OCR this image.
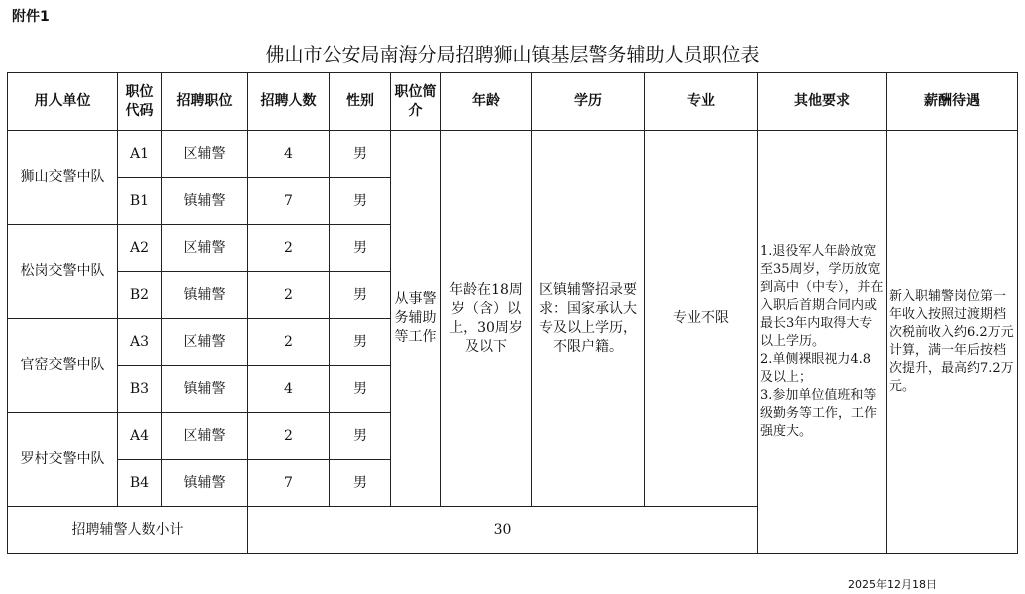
附件1
佛山市公安局南海分局招聘狮山镇基层警务辅助人员职位表
用人单位	职位代码	招聘职位	招聘人数	性别	职位简介	年龄	学历	专业	其他要求	薪酬待遇
狮山交警中队	A1	区辅警	4	男	从事警务辅助等工作	年龄在18周岁（含）以上，30周岁及以下	区镇辅警招录要求：国家承认大专及以上学历，不限户籍。	专业不限	1.退役军人年龄放宽至35周岁，学历放宽到高中（中专），并在入职后首期合同内或最长3年内取得大专以上学历。
2.单侧裸眼视力4.8及以上；
3.参加单位值班和等级勤务等工作，工作强度大。	新入职辅警岗位第一年收入按照过渡期档次税前收入约6.2万元计算，满一年后按档次提升，最高约7.2万元。
	B1	镇辅警	7	男						
松岗交警中队	A2	区辅警	2	男						
	B2	镇辅警	2	男						
官窑交警中队	A3	区辅警	2	男						
	B3	镇辅警	4	男						
罗村交警中队	A4	区辅警	2	男						
	B4	镇辅警	7	男						
招聘辅警人数小计			30							
2025年12月18日
